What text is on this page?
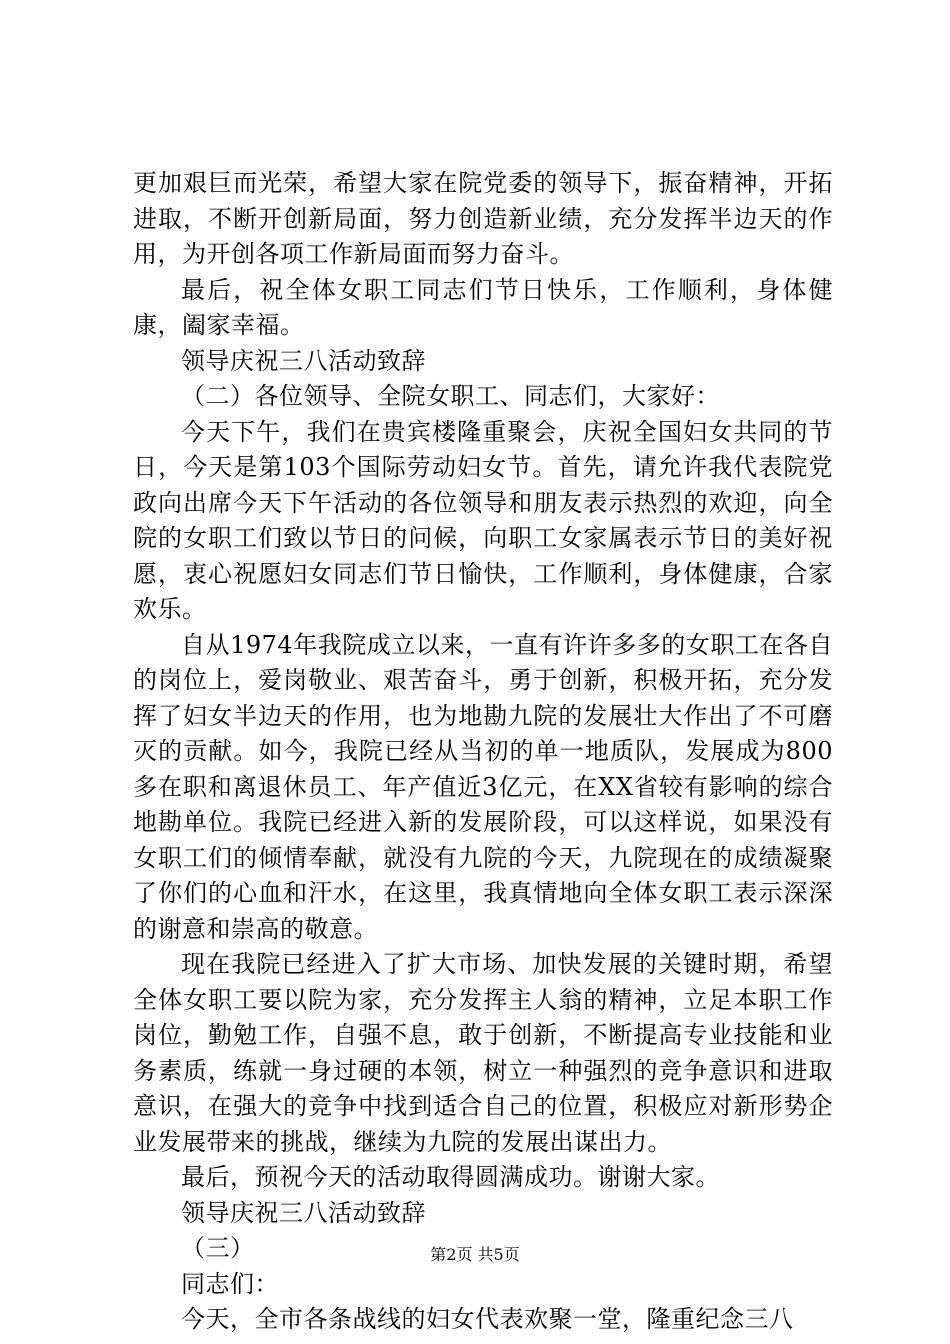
更加艰巨而光荣，希望大家在院党委的领导下，振奋精神，开拓进取，不断开创新局面，努力创造新业绩，充分发挥半边天的作用，为开创各项工作新局面而努力奋斗。

最后，祝全体女职工同志们节日快乐，工作顺利，身体健康，阖家幸福。

领导庆祝三八活动致辞

（二）各位领导、全院女职工、同志们，大家好：

今天下午，我们在贵宾楼隆重聚会，庆祝全国妇女共同的节日，今天是第103个国际劳动妇女节。首先，请允许我代表院党政向出席今天下午活动的各位领导和朋友表示热烈的欢迎，向全院的女职工们致以节日的问候，向职工女家属表示节日的美好祝愿，衷心祝愿妇女同志们节日愉快，工作顺利，身体健康，合家欢乐。

自从1974年我院成立以来，一直有许许多多的女职工在各自的岗位上，爱岗敬业、艰苦奋斗，勇于创新，积极开拓，充分发挥了妇女半边天的作用，也为地勘九院的发展壮大作出了不可磨灭的贡献。如今，我院已经从当初的单一地质队，发展成为800多在职和离退休员工、年产值近3亿元，在XX省较有影响的综合地勘单位。我院已经进入新的发展阶段，可以这样说，如果没有女职工们的倾情奉献，就没有九院的今天，九院现在的成绩凝聚了你们的心血和汗水，在这里，我真情地向全体女职工表示深深的谢意和崇高的敬意。

现在我院已经进入了扩大市场、加快发展的关键时期，希望全体女职工要以院为家，充分发挥主人翁的精神，立足本职工作岗位，勤勉工作，自强不息，敢于创新，不断提高专业技能和业务素质，练就一身过硬的本领，树立一种强烈的竞争意识和进取意识，在强大的竞争中找到适合自己的位置，积极应对新形势企业发展带来的挑战，继续为九院的发展出谋出力。

最后，预祝今天的活动取得圆满成功。谢谢大家。

领导庆祝三八活动致辞

（三）

同志们：

今天，全市各条战线的妇女代表欢聚一堂，隆重纪念三八

第2页 共5页
